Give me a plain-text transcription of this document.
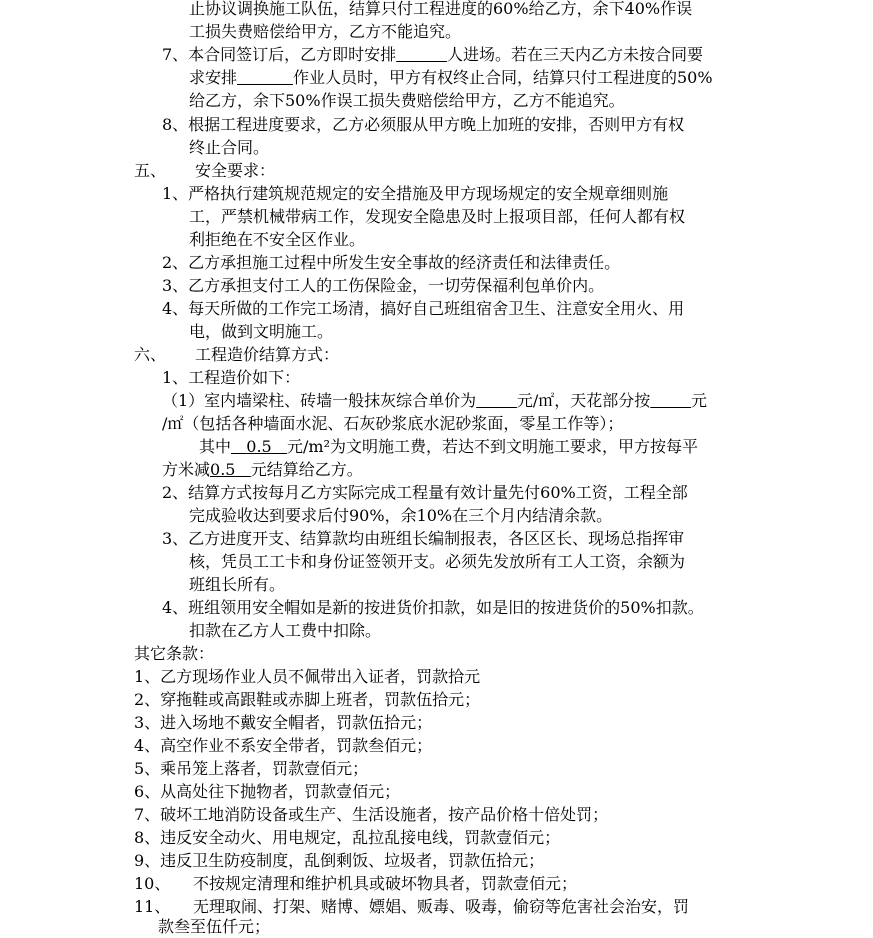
止协议调换施工队伍，结算只付工程进度的60%给乙方，余下40%作误
工损失费赔偿给甲方，乙方不能追究。
7、本合同签订后，乙方即时安排	人进场。若在三天内乙方未按合同要
求安排	作业人员时，甲方有权终止合同，结算只付工程进度的50%
给乙方，余下50%作误工损失费赔偿给甲方，乙方不能追究。
8、根据工程进度要求，乙方必须服从甲方晚上加班的安排，否则甲方有权
终止合同。
五、 安全要求：
1、严格执行建筑规范规定的安全措施及甲方现场规定的安全规章细则施
工，严禁机械带病工作，发现安全隐患及时上报项目部，任何人都有权
利拒绝在不安全区作业。
2、乙方承担施工过程中所发生安全事故的经济责任和法律责任。
3、乙方承担支付工人的工伤保险金，一切劳保福利包单价内。
4、每天所做的工作完工场清，搞好自己班组宿舍卫生、注意安全用火、用
电，做到文明施工。
六、 工程造价结算方式：
1、工程造价如下：
（1）室内墙梁柱、砖墙一般抹灰综合单价为	元/㎡，天花部分按	元
/㎡（包括各种墙面水泥、石灰砂浆底水泥砂浆面，零星工作等）；
其中 0.5 元/m²为文明施工费，若达不到文明施工要求，甲方按每平
方米减0.5 元结算给乙方。
2、结算方式按每月乙方实际完成工程量有效计量先付60%工资，工程全部
完成验收达到要求后付90%，余10%在三个月内结清余款。
3、乙方进度开支、结算款均由班组长编制报表，各区区长、现场总指挥审
核，凭员工工卡和身份证签领开支。必须先发放所有工人工资，余额为
班组长所有。
4、班组领用安全帽如是新的按进货价扣款，如是旧的按进货价的50%扣款。
扣款在乙方人工费中扣除。
其它条款：
1、乙方现场作业人员不佩带出入证者，罚款拾元
2、穿拖鞋或高跟鞋或赤脚上班者，罚款伍拾元；
3、进入场地不戴安全帽者，罚款伍拾元；
4、高空作业不系安全带者，罚款叁佰元；
5、乘吊笼上落者，罚款壹佰元；
6、从高处往下抛物者，罚款壹佰元；
7、破坏工地消防设备或生产、生活设施者，按产品价格十倍处罚；
8、违反安全动火、用电规定，乱拉乱接电线，罚款壹佰元；
9、违反卫生防疫制度，乱倒剩饭、垃圾者，罚款伍拾元；
10、 不按规定清理和维护机具或破坏物具者，罚款壹佰元；
11、 无理取闹、打架、赌博、嫖娼、贩毒、吸毒，偷窃等危害社会治安，罚
款叁至伍仟元；
